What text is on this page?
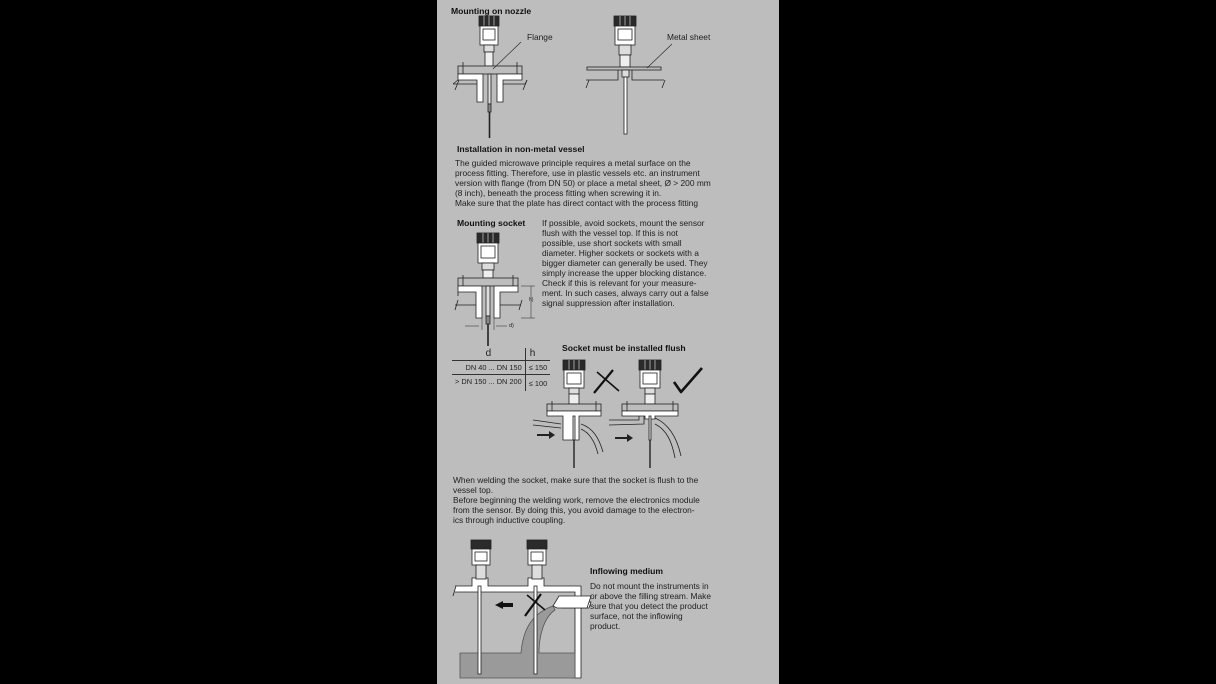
Mounting on nozzle
Flange	Metal sheet
Installation in non-metal vessel
The guided microwave principle requires a metal surface on the
process fitting. Therefore, use in plastic vessels etc. an instrument
version with flange (from DN 50) or place a metal sheet, Ø > 200 mm
(8 inch), beneath the process fitting when screwing it in.
Make sure that the plate has direct contact with the process fitting
Mounting socket
h)
d)
If possible, avoid sockets, mount the sensor
flush with the vessel top. If this is not
possible, use short sockets with small
diameter. Higher sockets or sockets with a
bigger diameter can generally be used. They
simply increase the upper blocking distance.
Check if this is relevant for your measure-
ment. In such cases, always carry out a false
signal suppression after installation.
d	h
DN 40 ... DN 150	≤ 150
> DN 150 ... DN 200	≤ 100
Socket must be installed flush
When welding the socket, make sure that the socket is flush to the
vessel top.
Before beginning the welding work, remove the electronics module
from the sensor. By doing this, you avoid damage to the electron-
ics through inductive coupling.
Inflowing medium
Do not mount the instruments in
or above the filling stream. Make
sure that you detect the product
surface, not the inflowing
product.
